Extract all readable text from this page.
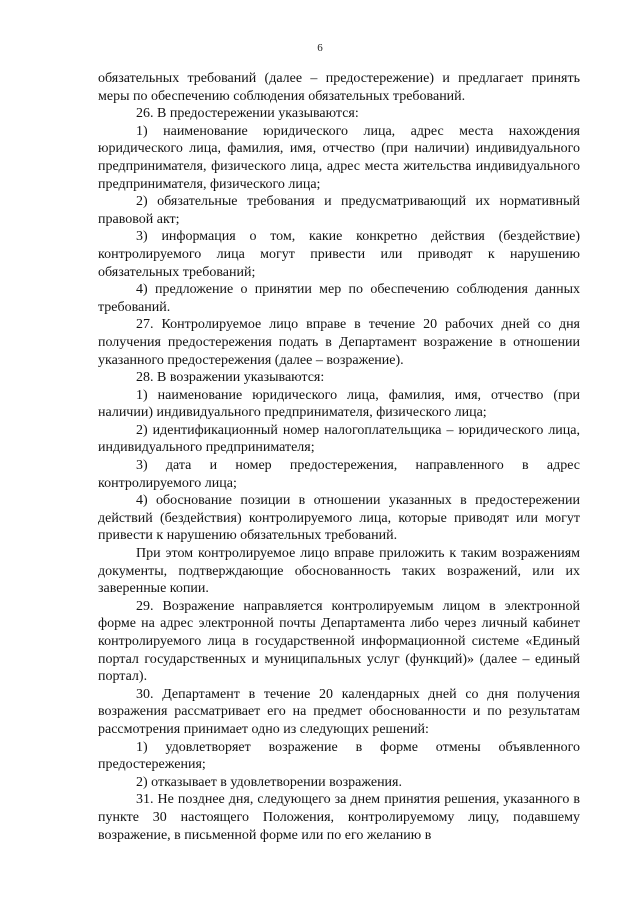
6

обязательных требований (далее – предостережение) и предлагает принять меры по обеспечению соблюдения обязательных требований.

26. В предостережении указываются:

1) наименование юридического лица, адрес места нахождения юридического лица, фамилия, имя, отчество (при наличии) индивидуального предпринимателя, физического лица, адрес места жительства индивидуального предпринимателя, физического лица;

2) обязательные требования и предусматривающий их нормативный правовой акт;

3) информация о том, какие конкретно действия (бездействие) контролируемого лица могут привести или приводят к нарушению обязательных требований;

4) предложение о принятии мер по обеспечению соблюдения данных требований.

27. Контролируемое лицо вправе в течение 20 рабочих дней со дня получения предостережения подать в Департамент возражение в отношении указанного предостережения (далее – возражение).

28. В возражении указываются:

1) наименование юридического лица, фамилия, имя, отчество (при наличии) индивидуального предпринимателя, физического лица;

2) идентификационный номер налогоплательщика – юридического лица, индивидуального предпринимателя;

3) дата и номер предостережения, направленного в адрес контролируемого лица;

4) обоснование позиции в отношении указанных в предостережении действий (бездействия) контролируемого лица, которые приводят или могут привести к нарушению обязательных требований.

При этом контролируемое лицо вправе приложить к таким возражениям документы, подтверждающие обоснованность таких возражений, или их заверенные копии.

29. Возражение направляется контролируемым лицом в электронной форме на адрес электронной почты Департамента либо через личный кабинет контролируемого лица в государственной информационной системе «Единый портал государственных и муниципальных услуг (функций)» (далее – единый портал).

30. Департамент в течение 20 календарных дней со дня получения возражения рассматривает его на предмет обоснованности и по результатам рассмотрения принимает одно из следующих решений:

1) удовлетворяет возражение в форме отмены объявленного предостережения;

2) отказывает в удовлетворении возражения.

31. Не позднее дня, следующего за днем принятия решения, указанного в пункте 30 настоящего Положения, контролируемому лицу, подавшему возражение, в письменной форме или по его желанию в
